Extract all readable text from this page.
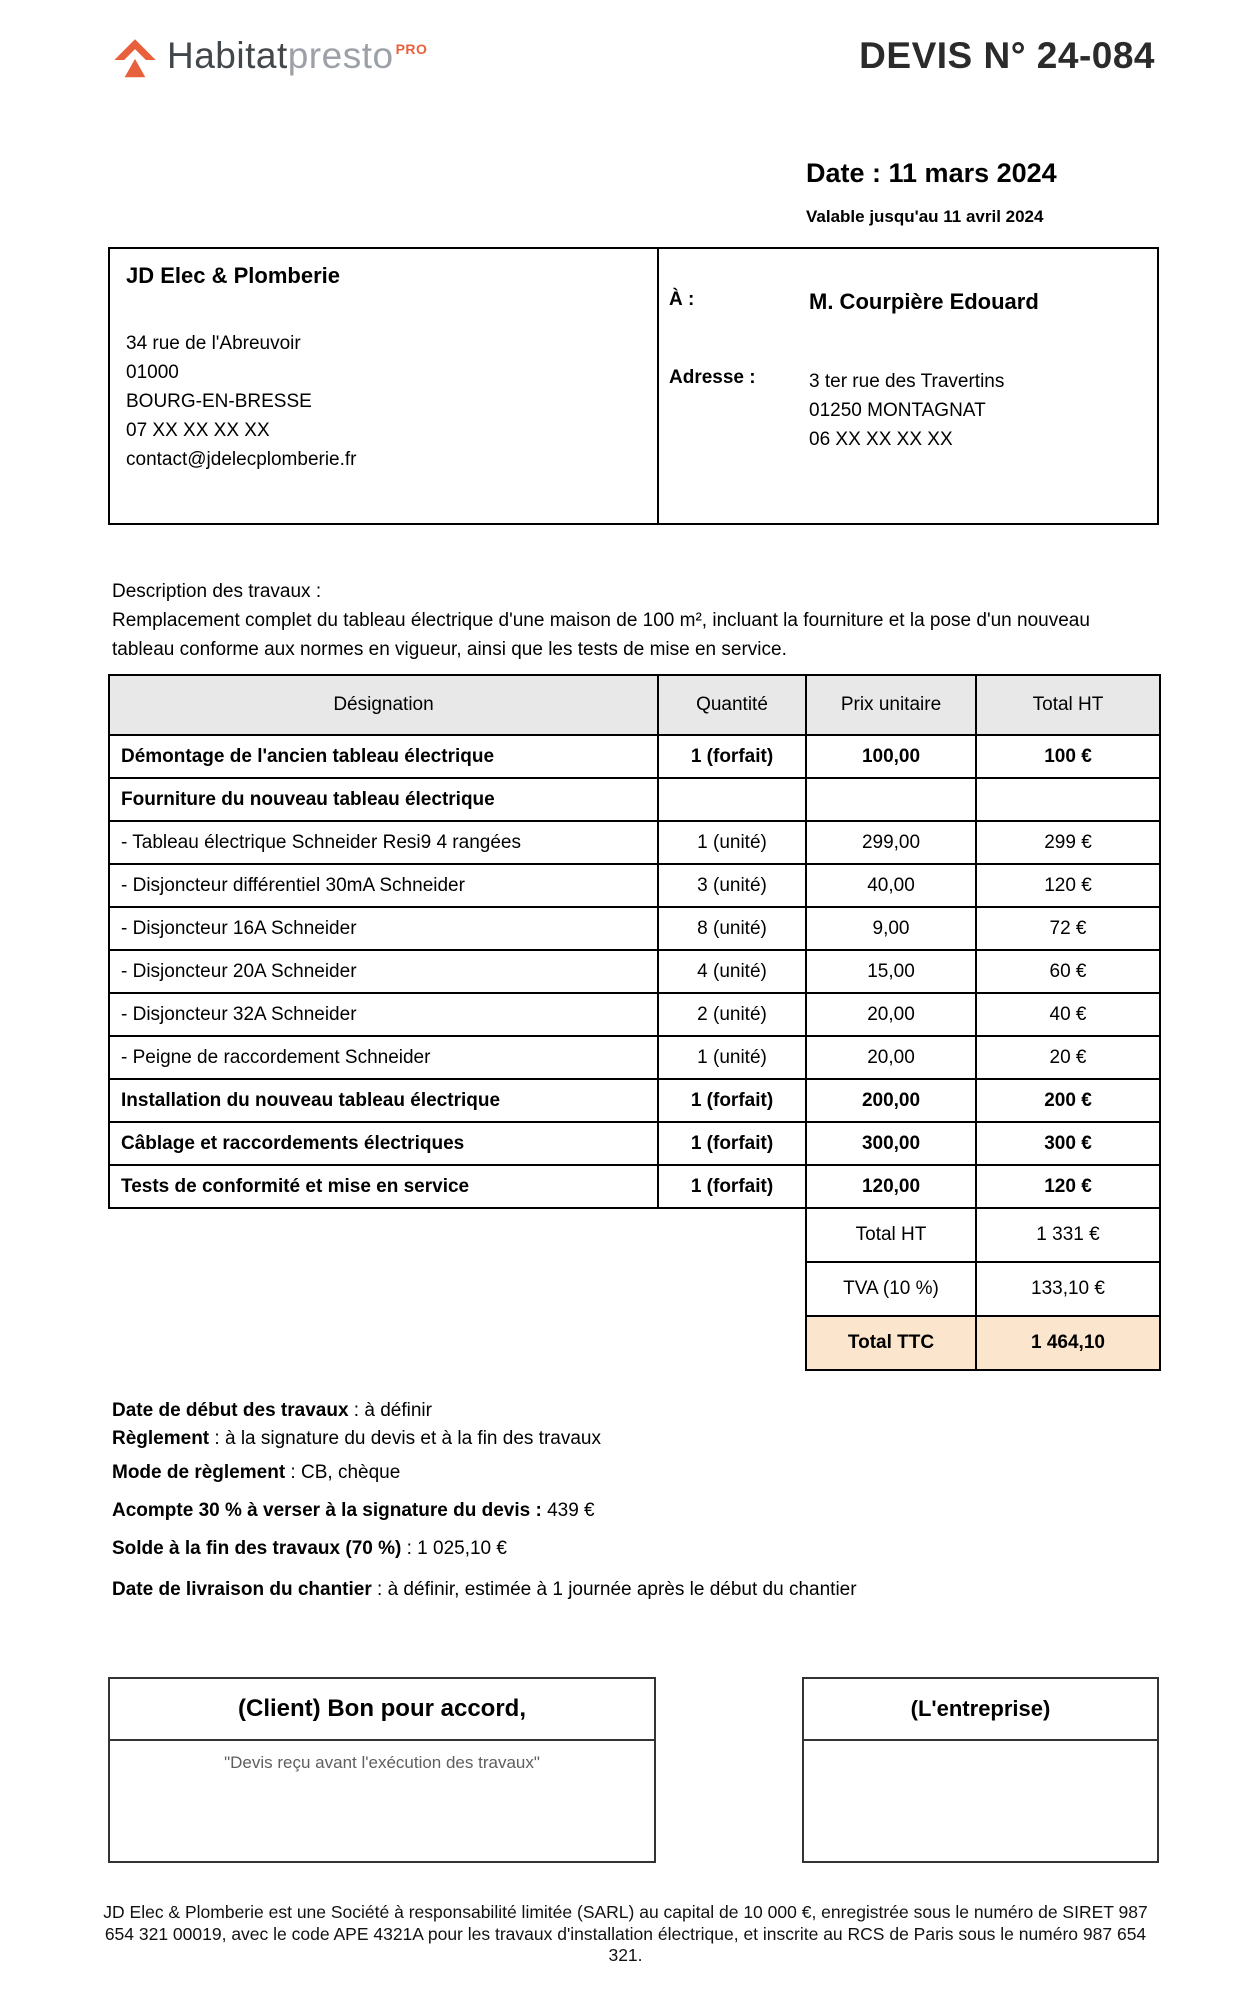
Habitatpresto $^{PRO}$	DEVIS N° 24-084
Date : 11 mars 2024
Valable jusqu'au 11 avril 2024
JD Elec & Plomberie
34 rue de l'Abreuvoir
01000
BOURG-EN-BRESSE
07 XX XX XX XX
contact@jdelecplomberie.fr
À :	M. Courpière Edouard
Adresse :	3 ter rue des Travertins
01250 MONTAGNAT
06 XX XX XX XX
Description des travaux :
Remplacement complet du tableau électrique d'une maison de 100 m², incluant la fourniture et la pose d'un nouveau tableau conforme aux normes en vigueur, ainsi que les tests de mise en service.
Désignation	Quantité	Prix unitaire	Total HT
Démontage de l'ancien tableau électrique	1 (forfait)	100,00	100 €
Fourniture du nouveau tableau électrique			
- Tableau électrique Schneider Resi9 4 rangées	1 (unité)	299,00	299 €
- Disjoncteur différentiel 30mA Schneider	3 (unité)	40,00	120 €
- Disjoncteur 16A Schneider	8 (unité)	9,00	72 €
- Disjoncteur 20A Schneider	4 (unité)	15,00	60 €
- Disjoncteur 32A Schneider	2 (unité)	20,00	40 €
- Peigne de raccordement Schneider	1 (unité)	20,00	20 €
Installation du nouveau tableau électrique	1 (forfait)	200,00	200 €
Câblage et raccordements électriques	1 (forfait)	300,00	300 €
Tests de conformité et mise en service	1 (forfait)	120,00	120 €
Total HT	1 331 €
TVA (10 %)	133,10 €
Total TTC	1 464,10
Date de début des travaux : à définir
Règlement : à la signature du devis et à la fin des travaux
Mode de règlement : CB, chèque
Acompte 30 % à verser à la signature du devis : 439 €
Solde à la fin des travaux (70 %) : 1 025,10 €
Date de livraison du chantier : à définir, estimée à 1 journée après le début du chantier
(Client) Bon pour accord,
"Devis reçu avant l'exécution des travaux"
(L'entreprise)
JD Elec & Plomberie est une Société à responsabilité limitée (SARL) au capital de 10 000 €, enregistrée sous le numéro de SIRET 987 654 321 00019, avec le code APE 4321A pour les travaux d'installation électrique, et inscrite au RCS de Paris sous le numéro 987 654 321.
